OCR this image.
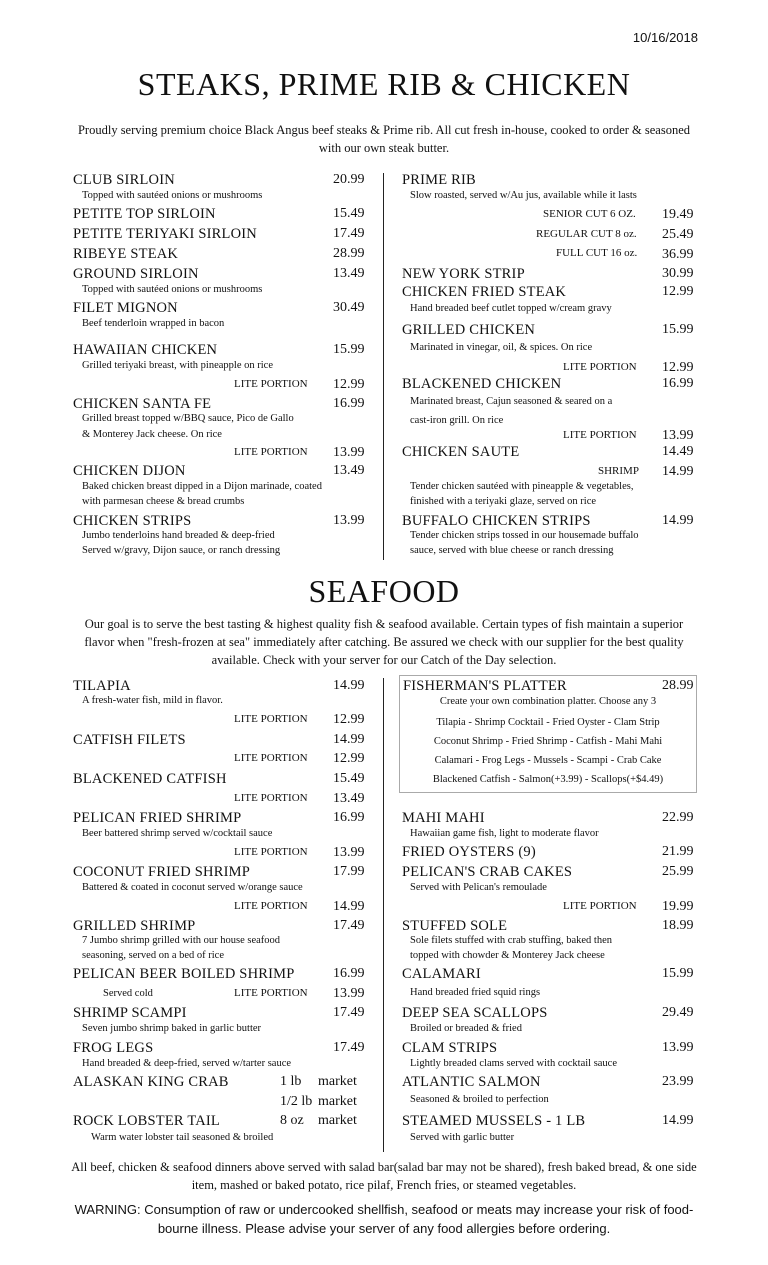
10/16/2018
STEAKS, PRIME RIB & CHICKEN
Proudly serving premium choice Black Angus beef steaks & Prime rib. All cut fresh in-house, cooked to order & seasoned with our own steak butter.
CLUB SIRLOIN	20.99
Topped with sautéed onions or mushrooms
PETITE TOP SIRLOIN	15.49
PETITE TERIYAKI SIRLOIN	17.49
RIBEYE STEAK	28.99
GROUND SIRLOIN	13.49
Topped with sautéed onions or mushrooms
FILET MIGNON	30.49
Beef tenderloin wrapped in bacon
HAWAIIAN CHICKEN	15.99
Grilled teriyaki breast, with pineapple on rice
LITE PORTION 12.99
CHICKEN SANTA FE	16.99
Grilled breast topped w/BBQ sauce, Pico de Gallo
& Monterey Jack cheese. On rice
LITE PORTION 13.99
CHICKEN DIJON	13.49
Baked chicken breast dipped in a Dijon marinade, coated
with parmesan cheese & bread crumbs
CHICKEN STRIPS	13.99
Jumbo tenderloins hand breaded & deep-fried
Served w/gravy, Dijon sauce, or ranch dressing
PRIME RIB
Slow roasted, served w/Au jus, available while it lasts
SENIOR CUT 6 OZ. 19.49
REGULAR CUT 8 oz. 25.49
FULL CUT 16 oz. 36.99
NEW YORK STRIP	30.99
CHICKEN FRIED STEAK	12.99
Hand breaded beef cutlet topped w/cream gravy
GRILLED CHICKEN	15.99
Marinated in vinegar, oil, & spices. On rice
LITE PORTION 12.99
BLACKENED CHICKEN	16.99
Marinated breast, Cajun seasoned & seared on a
cast-iron grill. On rice
LITE PORTION 13.99
CHICKEN SAUTE	14.49
SHRIMP 14.99
Tender chicken sautéed with pineapple & vegetables,
finished with a teriyaki glaze, served on rice
BUFFALO CHICKEN STRIPS	14.99
Tender chicken strips tossed in our housemade buffalo
sauce, served with blue cheese or ranch dressing
SEAFOOD
Our goal is to serve the best tasting & highest quality fish & seafood available. Certain types of fish maintain a superior flavor when "fresh-frozen at sea" immediately after catching. Be assured we check with our supplier for the best quality available. Check with your server for our Catch of the Day selection.
TILAPIA	14.99
A fresh-water fish, mild in flavor.
LITE PORTION 12.99
CATFISH FILETS	14.99
LITE PORTION 12.99
BLACKENED CATFISH	15.49
LITE PORTION 13.49
PELICAN FRIED SHRIMP	16.99
Beer battered shrimp served w/cocktail sauce
LITE PORTION 13.99
COCONUT FRIED SHRIMP	17.99
Battered & coated in coconut served w/orange sauce
LITE PORTION 14.99
GRILLED SHRIMP	17.49
7 Jumbo shrimp grilled with our house seafood
seasoning, served on a bed of rice
PELICAN BEER BOILED SHRIMP	16.99
Served cold	LITE PORTION 13.99
SHRIMP SCAMPI	17.49
Seven jumbo shrimp baked in garlic butter
FROG LEGS	17.49
Hand breaded & deep-fried, served w/tarter sauce
ALASKAN KING CRAB	1 lb market
1/2 lb market
ROCK LOBSTER TAIL	8 oz market
Warm water lobster tail seasoned & broiled
FISHERMAN'S PLATTER	28.99
Create your own combination platter. Choose any 3
Tilapia - Shrimp Cocktail - Fried Oyster - Clam Strip
Coconut Shrimp - Fried Shrimp - Catfish - Mahi Mahi
Calamari - Frog Legs - Mussels - Scampi - Crab Cake
Blackened Catfish - Salmon(+3.99) - Scallops(+$4.49)
MAHI MAHI	22.99
Hawaiian game fish, light to moderate flavor
FRIED OYSTERS (9)	21.99
PELICAN'S CRAB CAKES	25.99
Served with Pelican's remoulade
LITE PORTION 19.99
STUFFED SOLE	18.99
Sole filets stuffed with crab stuffing, baked then
topped with chowder & Monterey Jack cheese
CALAMARI	15.99
Hand breaded fried squid rings
DEEP SEA SCALLOPS	29.49
Broiled or breaded & fried
CLAM STRIPS	13.99
Lightly breaded clams served with cocktail sauce
ATLANTIC SALMON	23.99
Seasoned & broiled to perfection
STEAMED MUSSELS - 1 LB	14.99
Served with garlic butter
All beef, chicken & seafood dinners above served with salad bar(salad bar may not be shared), fresh baked bread, & one side item, mashed or baked potato, rice pilaf, French fries, or steamed vegetables.
WARNING: Consumption of raw or undercooked shellfish, seafood or meats may increase your risk of food-bourne illness. Please advise your server of any food allergies before ordering.
